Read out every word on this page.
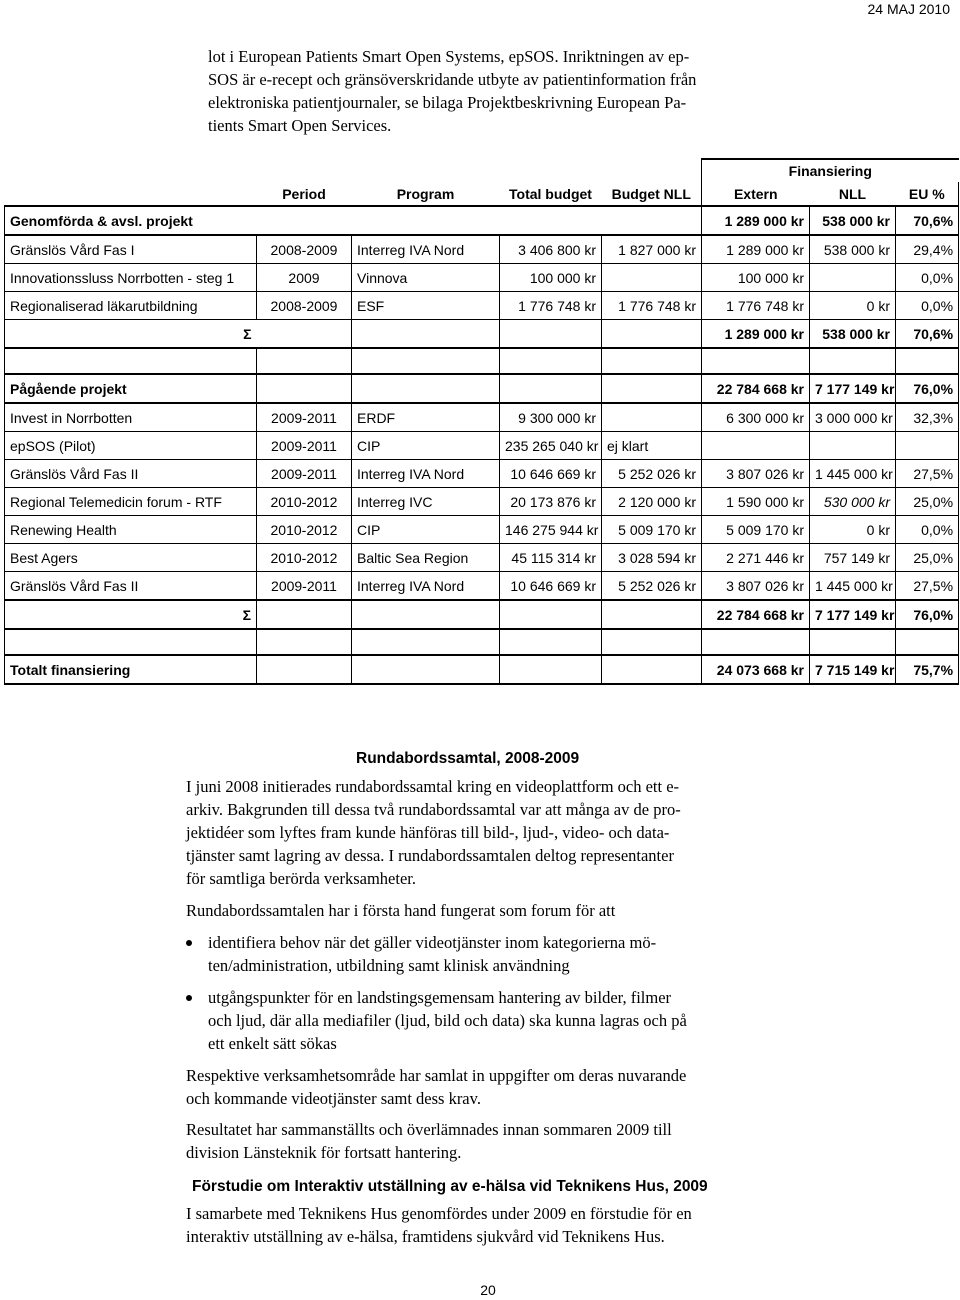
24 MAJ 2010

lot i European Patients Smart Open Systems, epSOS. Inriktningen av ep-

SOS är e-recept och gränsöverskridande utbyte av patientinformation från

elektroniska patientjournaler, se bilaga Projektbeskrivning European Pa-

tients Smart Open Services.

					Finansiering		
	Period	Program	Total budget	Budget NLL	Extern	NLL	EU %
Genomförda & avsl. projekt					1 289 000 kr	538 000 kr	70,6%
Gränslös Vård Fas I	2008-2009	Interreg IVA Nord	3 406 800 kr	1 827 000 kr	1 289 000 kr	538 000 kr	29,4%
Innovationssluss Norrbotten - steg 1	2009	Vinnova	100 000 kr		100 000 kr		0,0%
Regionaliserad läkarutbildning	2008-2009	ESF	1 776 748 kr	1 776 748 kr	1 776 748 kr	0 kr	0,0%
Σ					1 289 000 kr	538 000 kr	70,6%

Pågående projekt					22 784 668 kr	7 177 149 kr	76,0%
Invest in Norrbotten	2009-2011	ERDF	9 300 000 kr		6 300 000 kr	3 000 000 kr	32,3%
epSOS (Pilot)	2009-2011	CIP	235 265 040 kr	ej klart			
Gränslös Vård Fas II	2009-2011	Interreg IVA Nord	10 646 669 kr	5 252 026 kr	3 807 026 kr	1 445 000 kr	27,5%
Regional Telemedicin forum - RTF	2010-2012	Interreg IVC	20 173 876 kr	2 120 000 kr	1 590 000 kr	530 000 kr	25,0%
Renewing Health	2010-2012	CIP	146 275 944 kr	5 009 170 kr	5 009 170 kr	0 kr	0,0%
Best Agers	2010-2012	Baltic Sea Region	45 115 314 kr	3 028 594 kr	2 271 446 kr	757 149 kr	25,0%
Gränslös Vård Fas II	2009-2011	Interreg IVA Nord	10 646 669 kr	5 252 026 kr	3 807 026 kr	1 445 000 kr	27,5%
Σ					22 784 668 kr	7 177 149 kr	76,0%

Totalt finansiering					24 073 668 kr	7 715 149 kr	75,7%
Rundabordssamtal, 2008-2009

I juni 2008 initierades rundabordssamtal kring en videoplattform och ett e-

arkiv. Bakgrunden till dessa två rundabordssamtal var att många av de pro-

jektidéer som lyftes fram kunde hänföras till bild-, ljud-, video- och data-

tjänster samt lagring av dessa. I rundabordssamtalen deltog representanter

för samtliga berörda verksamheter.

Rundabordssamtalen har i första hand fungerat som forum för att

identifiera behov när det gäller videotjänster inom kategorierna mö-
ten/administration, utbildning samt klinisk användning
utgångspunkter för en landstingsgemensam hantering av bilder, filmer
och ljud, där alla mediafiler (ljud, bild och data) ska kunna lagras och på
ett enkelt sätt sökas

Respektive verksamhetsområde har samlat in uppgifter om deras nuvarande

och kommande videotjänster samt dess krav.

Resultatet har sammanställts och överlämnades innan sommaren 2009 till

division Länsteknik för fortsatt hantering.

Förstudie om Interaktiv utställning av e-hälsa vid Teknikens Hus, 2009

I samarbete med Teknikens Hus genomfördes under 2009 en förstudie för en

interaktiv utställning av e-hälsa, framtidens sjukvård vid Teknikens Hus.

20
